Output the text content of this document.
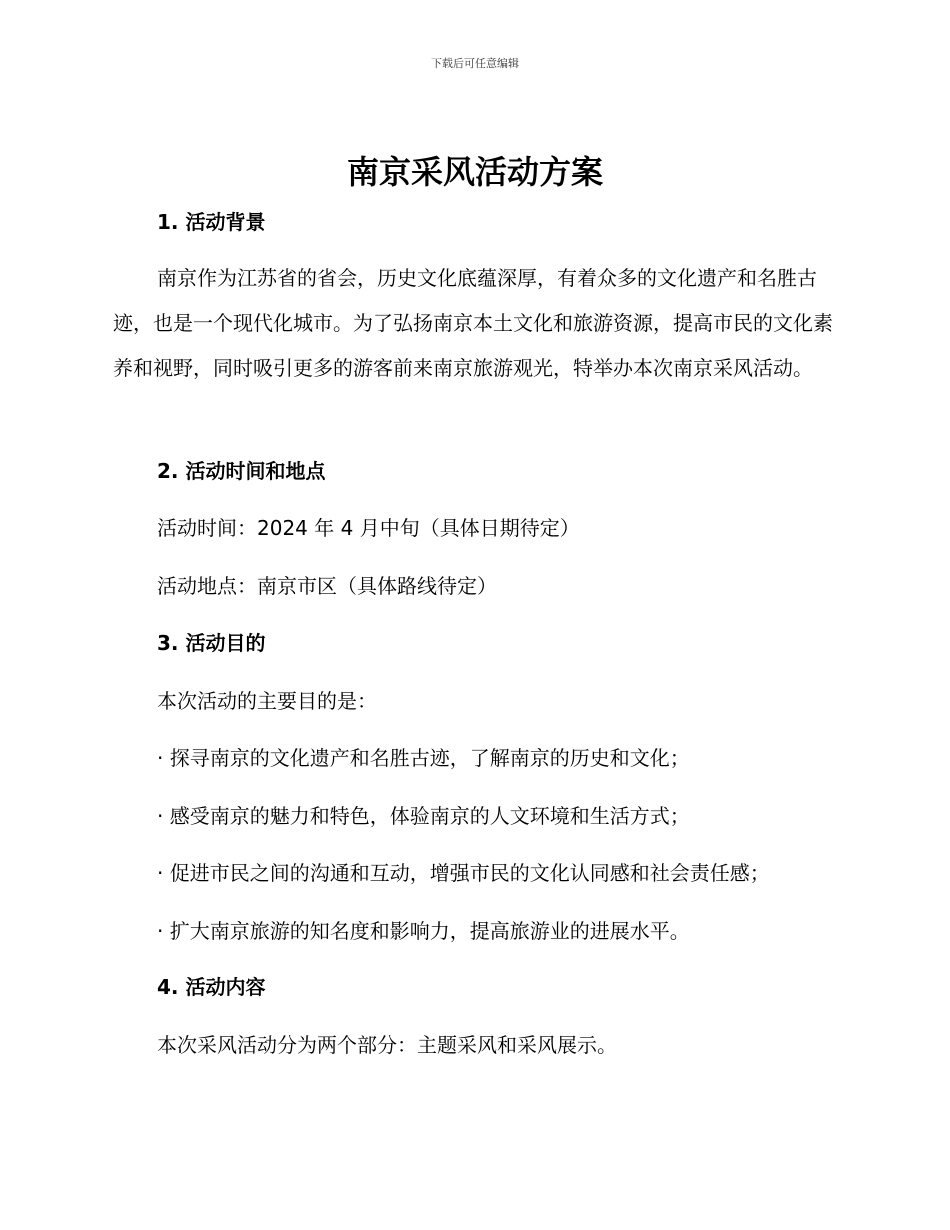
下载后可任意编辑
南京采风活动方案
1. 活动背景
南京作为江苏省的省会，历史文化底蕴深厚，有着众多的文化遗产和名胜古迹，也是一个现代化城市。为了弘扬南京本土文化和旅游资源，提高市民的文化素养和视野，同时吸引更多的游客前来南京旅游观光，特举办本次南京采风活动。
2. 活动时间和地点
活动时间：2024 年 4 月中旬（具体日期待定）
活动地点：南京市区（具体路线待定）
3. 活动目的
本次活动的主要目的是：
· 探寻南京的文化遗产和名胜古迹，了解南京的历史和文化；
· 感受南京的魅力和特色，体验南京的人文环境和生活方式；
· 促进市民之间的沟通和互动，增强市民的文化认同感和社会责任感；
· 扩大南京旅游的知名度和影响力，提高旅游业的进展水平。
4. 活动内容
本次采风活动分为两个部分：主题采风和采风展示。
